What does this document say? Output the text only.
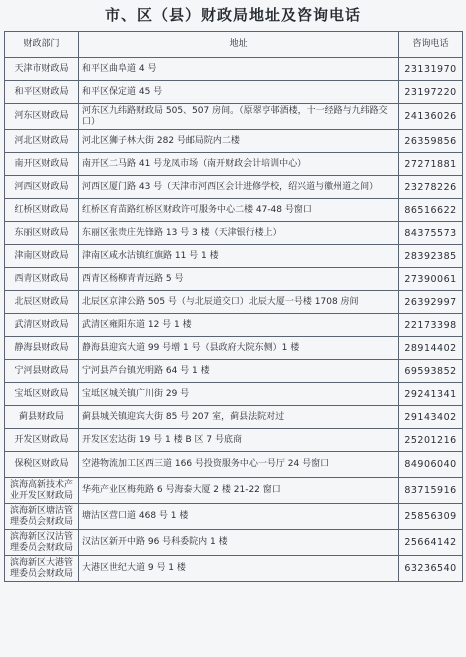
市、区（县）财政局地址及咨询电话
财政部门	地址	咨询电话
天津市财政局	和平区曲阜道 4 号	23131970
和平区财政局	和平区保定道 45 号	23197220
河东区财政局	河东区九纬路财政局 505、507 房间。（原翠亨邨酒楼，十一经路与九纬路交口）	24136026
河北区财政局	河北区狮子林大街 282 号邮局院内二楼	26359856
南开区财政局	南开区二马路 41 号龙凤市场（南开财政会计培训中心）	27271881
河西区财政局	河西区厦门路 43 号（天津市河西区会计进修学校，绍兴道与徽州道之间）	23278226
红桥区财政局	红桥区育苗路红桥区财政许可服务中心二楼 47-48 号窗口	86516622
东丽区财政局	东丽区张贵庄先锋路 13 号 3 楼（天津银行楼上）	84375573
津南区财政局	津南区咸水沽镇红旗路 11 号 1 楼	28392385
西青区财政局	西青区杨柳青青远路 5 号	27390061
北辰区财政局	北辰区京津公路 505 号（与北辰道交口）北辰大厦一号楼 1708 房间	26392997
武清区财政局	武清区雍阳东道 12 号 1 楼	22173398
静海县财政局	静海县迎宾大道 99 号增 1 号（县政府大院东侧）1 楼	28914402
宁河县财政局	宁河县芦台镇光明路 64 号 1 楼	69593852
宝坻区财政局	宝坻区城关镇广川街 29 号	29241341
蓟县财政局	蓟县城关镇迎宾大街 85 号 207 室，蓟县法院对过	29143402
开发区财政局	开发区宏达街 19 号 1 楼 B 区 7 号底商	25201216
保税区财政局	空港物流加工区西三道 166 号投资服务中心一号厅 24 号窗口	84906040
滨海高新技术产业开发区财政局	华苑产业区梅苑路 6 号海泰大厦 2 楼 21-22 窗口	83715916
滨海新区塘沽管理委员会财政局	塘沽区营口道 468 号 1 楼	25856309
滨海新区汉沽管理委员会财政局	汉沽区新开中路 96 号科委院内 1 楼	25664142
滨海新区大港管理委员会财政局	大港区世纪大道 9 号 1 楼	63236540
